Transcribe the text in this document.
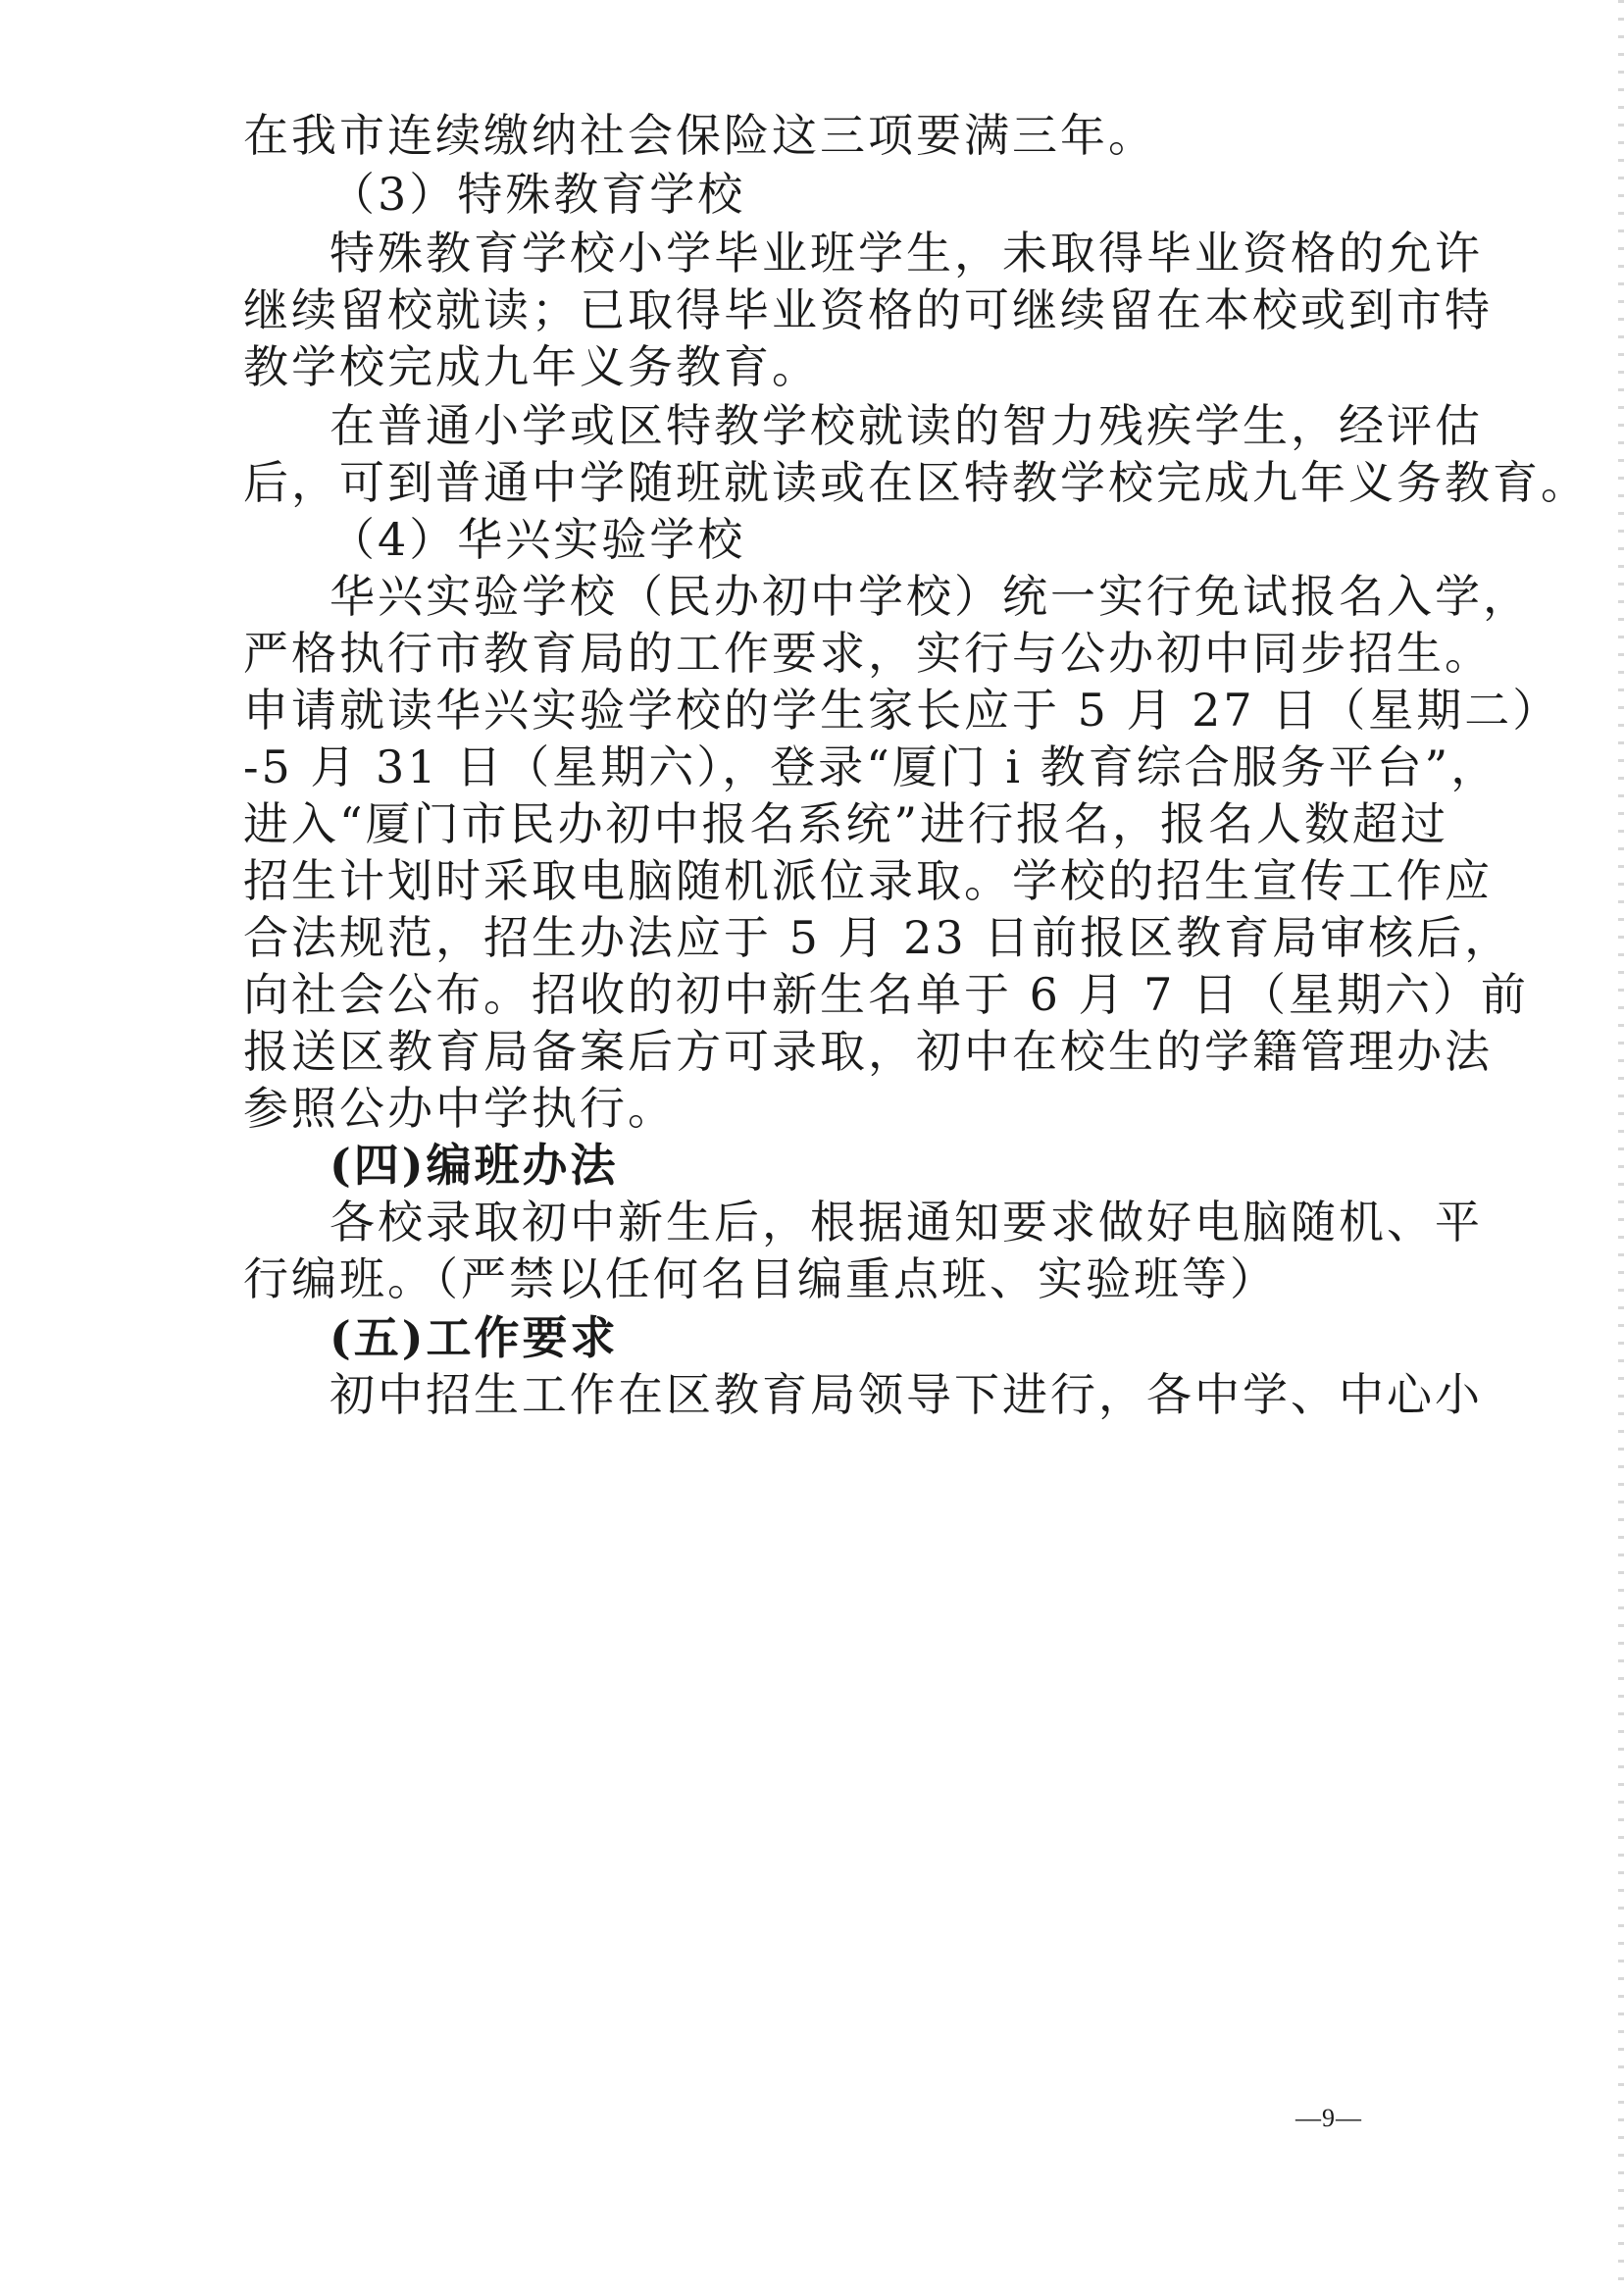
在我市连续缴纳社会保险这三项要满三年。
（3）特殊教育学校
特殊教育学校小学毕业班学生，未取得毕业资格的允许
继续留校就读；已取得毕业资格的可继续留在本校或到市特
教学校完成九年义务教育。
在普通小学或区特教学校就读的智力残疾学生，经评估
后，可到普通中学随班就读或在区特教学校完成九年义务教育。
（4）华兴实验学校
华兴实验学校（民办初中学校）统一实行免试报名入学，
严格执行市教育局的工作要求，实行与公办初中同步招生。
申请就读华兴实验学校的学生家长应于 5 月 27 日（星期二）
-5 月 31 日（星期六），登录“厦门 i 教育综合服务平台”，
进入“厦门市民办初中报名系统”进行报名，报名人数超过
招生计划时采取电脑随机派位录取。学校的招生宣传工作应
合法规范，招生办法应于 5 月 23 日前报区教育局审核后，
向社会公布。招收的初中新生名单于 6 月 7 日（星期六）前
报送区教育局备案后方可录取，初中在校生的学籍管理办法
参照公办中学执行。
(四)编班办法
各校录取初中新生后，根据通知要求做好电脑随机、平
行编班。（严禁以任何名目编重点班、实验班等）
(五)工作要求
初中招生工作在区教育局领导下进行，各中学、中心小
—9—
